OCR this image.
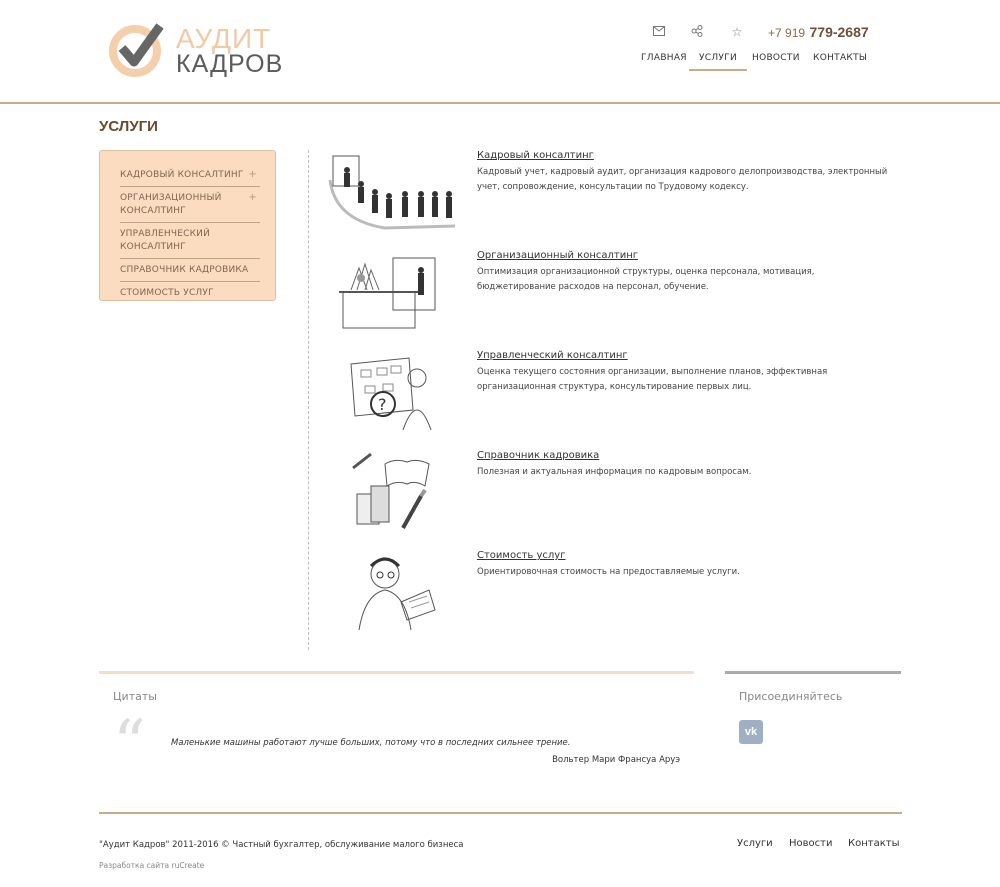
АУДИТ
КАДРОВ
☆ +7 919 779-2687
ГЛАВНАЯ	УСЛУГИ	НОВОСТИ КОНТАКТЫ
УСЛУГИ
КАДРОВЫЙ КОНСАЛТИНГ +
ОРГАНИЗАЦИОННЫЙ КОНСАЛТИНГ
+
УПРАВЛЕНЧЕСКИЙ КОНСАЛТИНГ
СПРАВОЧНИК КАДРОВИКА
СТОИМОСТЬ УСЛУГ
Кадровый консалтинг
Кадровый учет, кадровый аудит, организация кадрового делопроизводства, электронный учет, сопровождение, консультации по Трудовому кодексу.
Организационный консалтинг
Оптимизация организационной структуры, оценка персонала, мотивация, бюджетирование расходов на персонал, обучение.
?
Управленческий консалтинг
Оценка текущего состояния организации, выполнение планов, эффективная организационная структура, консультирование первых лиц.
Справочник кадровика
Полезная и актуальная информация по кадровым вопросам.
Стоимость услуг
Ориентировочная стоимость на предоставляемые услуги.
Цитаты
“	Маленькие машины работают лучше больших, потому что в последних сильнее трение.
Вольтер Мари Франсуа Аруэ
Присоединяйтесь
vk
"Аудит Кадров" 2011-2016 © Частный бухгалтер, обслуживание малого бизнеса
Разработка сайта ruCreate
Услуги Новости Контакты
